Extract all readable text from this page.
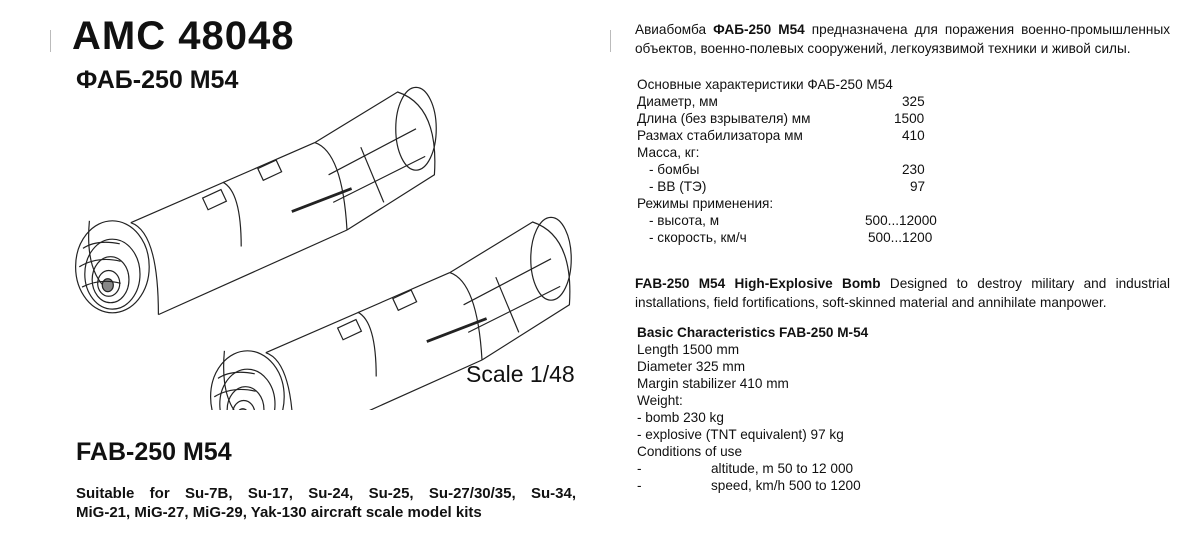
AMC 48048
ФАБ-250 М54
Scale 1/48
FAB-250 M54
Suitable for Su-7B, Su-17, Su-24, Su-25, Su-27/30/35, Su-34,
MiG-21, MiG-27, MiG-29, Yak-130 aircraft scale model kits
Авиабомба ФАБ-250 М54 предназначена для поражения военно-промышленных объектов, военно-полевых сооружений, легкоуязвимой техники и живой силы.
Основные характеристики ФАБ-250 М54
Диаметр, мм	325
Длина (без взрывателя) мм	1500
Размах стабилизатора мм	410
Масса, кг:
- бомбы	230
- ВВ (ТЭ)	97
Режимы применения:
- высота, м	500...12000
- скорость, км/ч	500...1200
FAB-250 M54 High-Explosive Bomb Designed to destroy military and industrial installations, field fortifications, soft-skinned material and annihilate manpower.
Basic Characteristics FAB-250 M-54
Length 1500 mm
Diameter 325 mm
Margin stabilizer 410 mm
Weight:
- bomb 230 kg
- explosive (TNT equivalent) 97 kg
Conditions of use
-	altitude, m 50 to 12 000
-	speed, km/h 500 to 1200
